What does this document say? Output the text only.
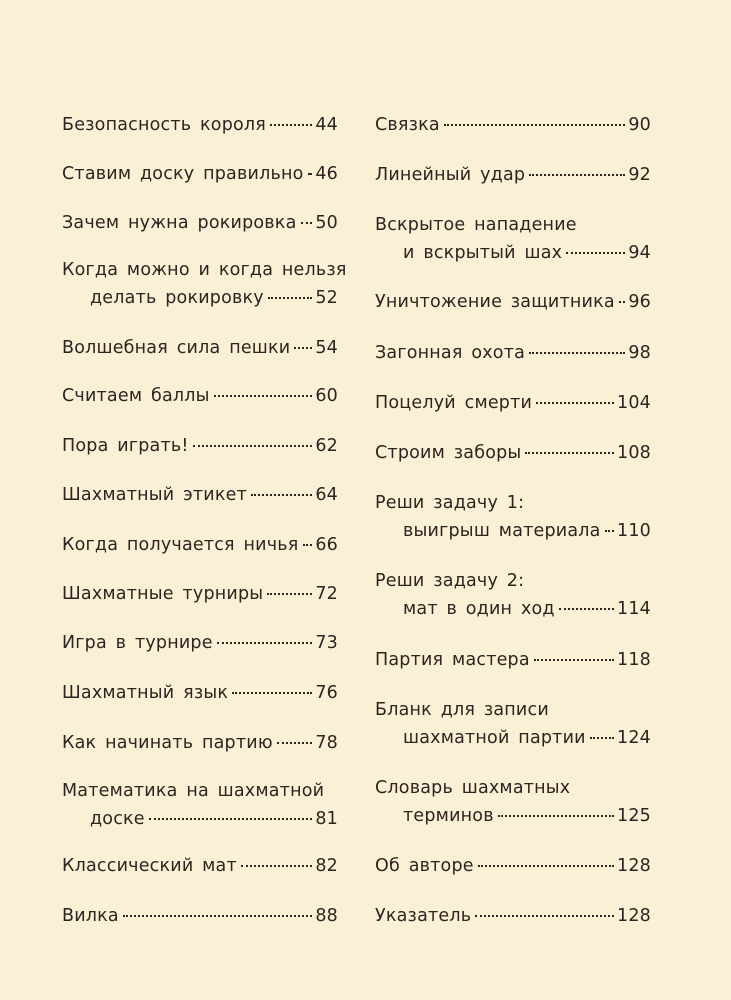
Безопасность короля	44
Ставим доску правильно 46
Зачем нужна рокировка 50
Когда можно и когда нельзя
делать рокировку	52
Волшебная сила пешки 54
Считаем баллы	60
Пора играть!	62
Шахматный этикет	64
Когда получается ничья 66
Шахматные турниры	72
Игра в турнире	73
Шахматный язык	76
Как начинать партию 78
Математика на шахматной
доске	81
Классический мат	82
Вилка	88
Связка	90
Линейный удар	92
Вскрытое нападение
и вскрытый шах	94
Уничтожение защитника 96
Загонная охота	98
Поцелуй смерти	104
Строим заборы	108
Реши задачу 1:
выигрыш материала 110
Реши задачу 2:
мат в один ход	114
Партия мастера	118
Бланк для записи
шахматной партии 124
Словарь шахматных
терминов	125
Об авторе	128
Указатель	128
